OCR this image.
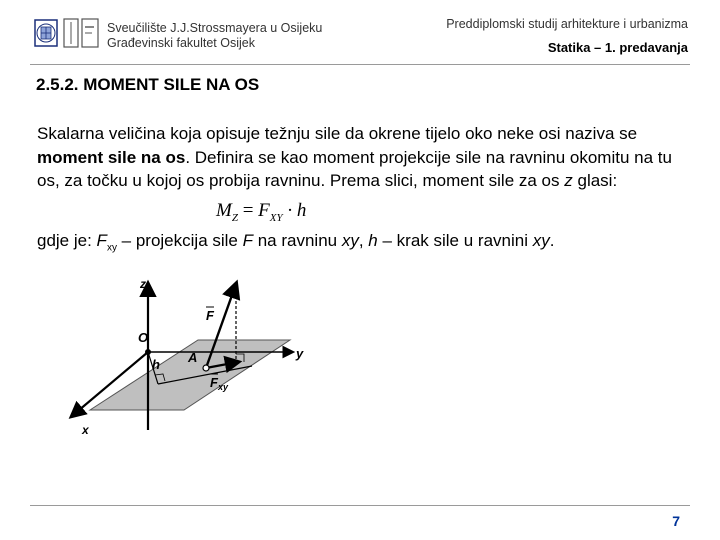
Sveučilište J.J.Strossmayera u Osijeku
Građevinski fakultet Osijek
Preddiplomski studij arhitekture i urbanizma
Statika – 1. predavanja
2.5.2. MOMENT SILE NA OS
Skalarna veličina koja opisuje težnju sile da okrene tijelo oko neke osi naziva se moment sile na os. Definira se kao moment projekcije sile na ravninu okomitu na tu os, za točku u kojoj os probija ravninu. Prema slici, moment sile za os z glasi:
$M_Z = F_{XY} \cdot h$
gdje je: $F_{xy}$ – projekcija sile F na ravninu xy, h – krak sile u ravnini xy.
z
y
x
O
h A
F
F xy
7
